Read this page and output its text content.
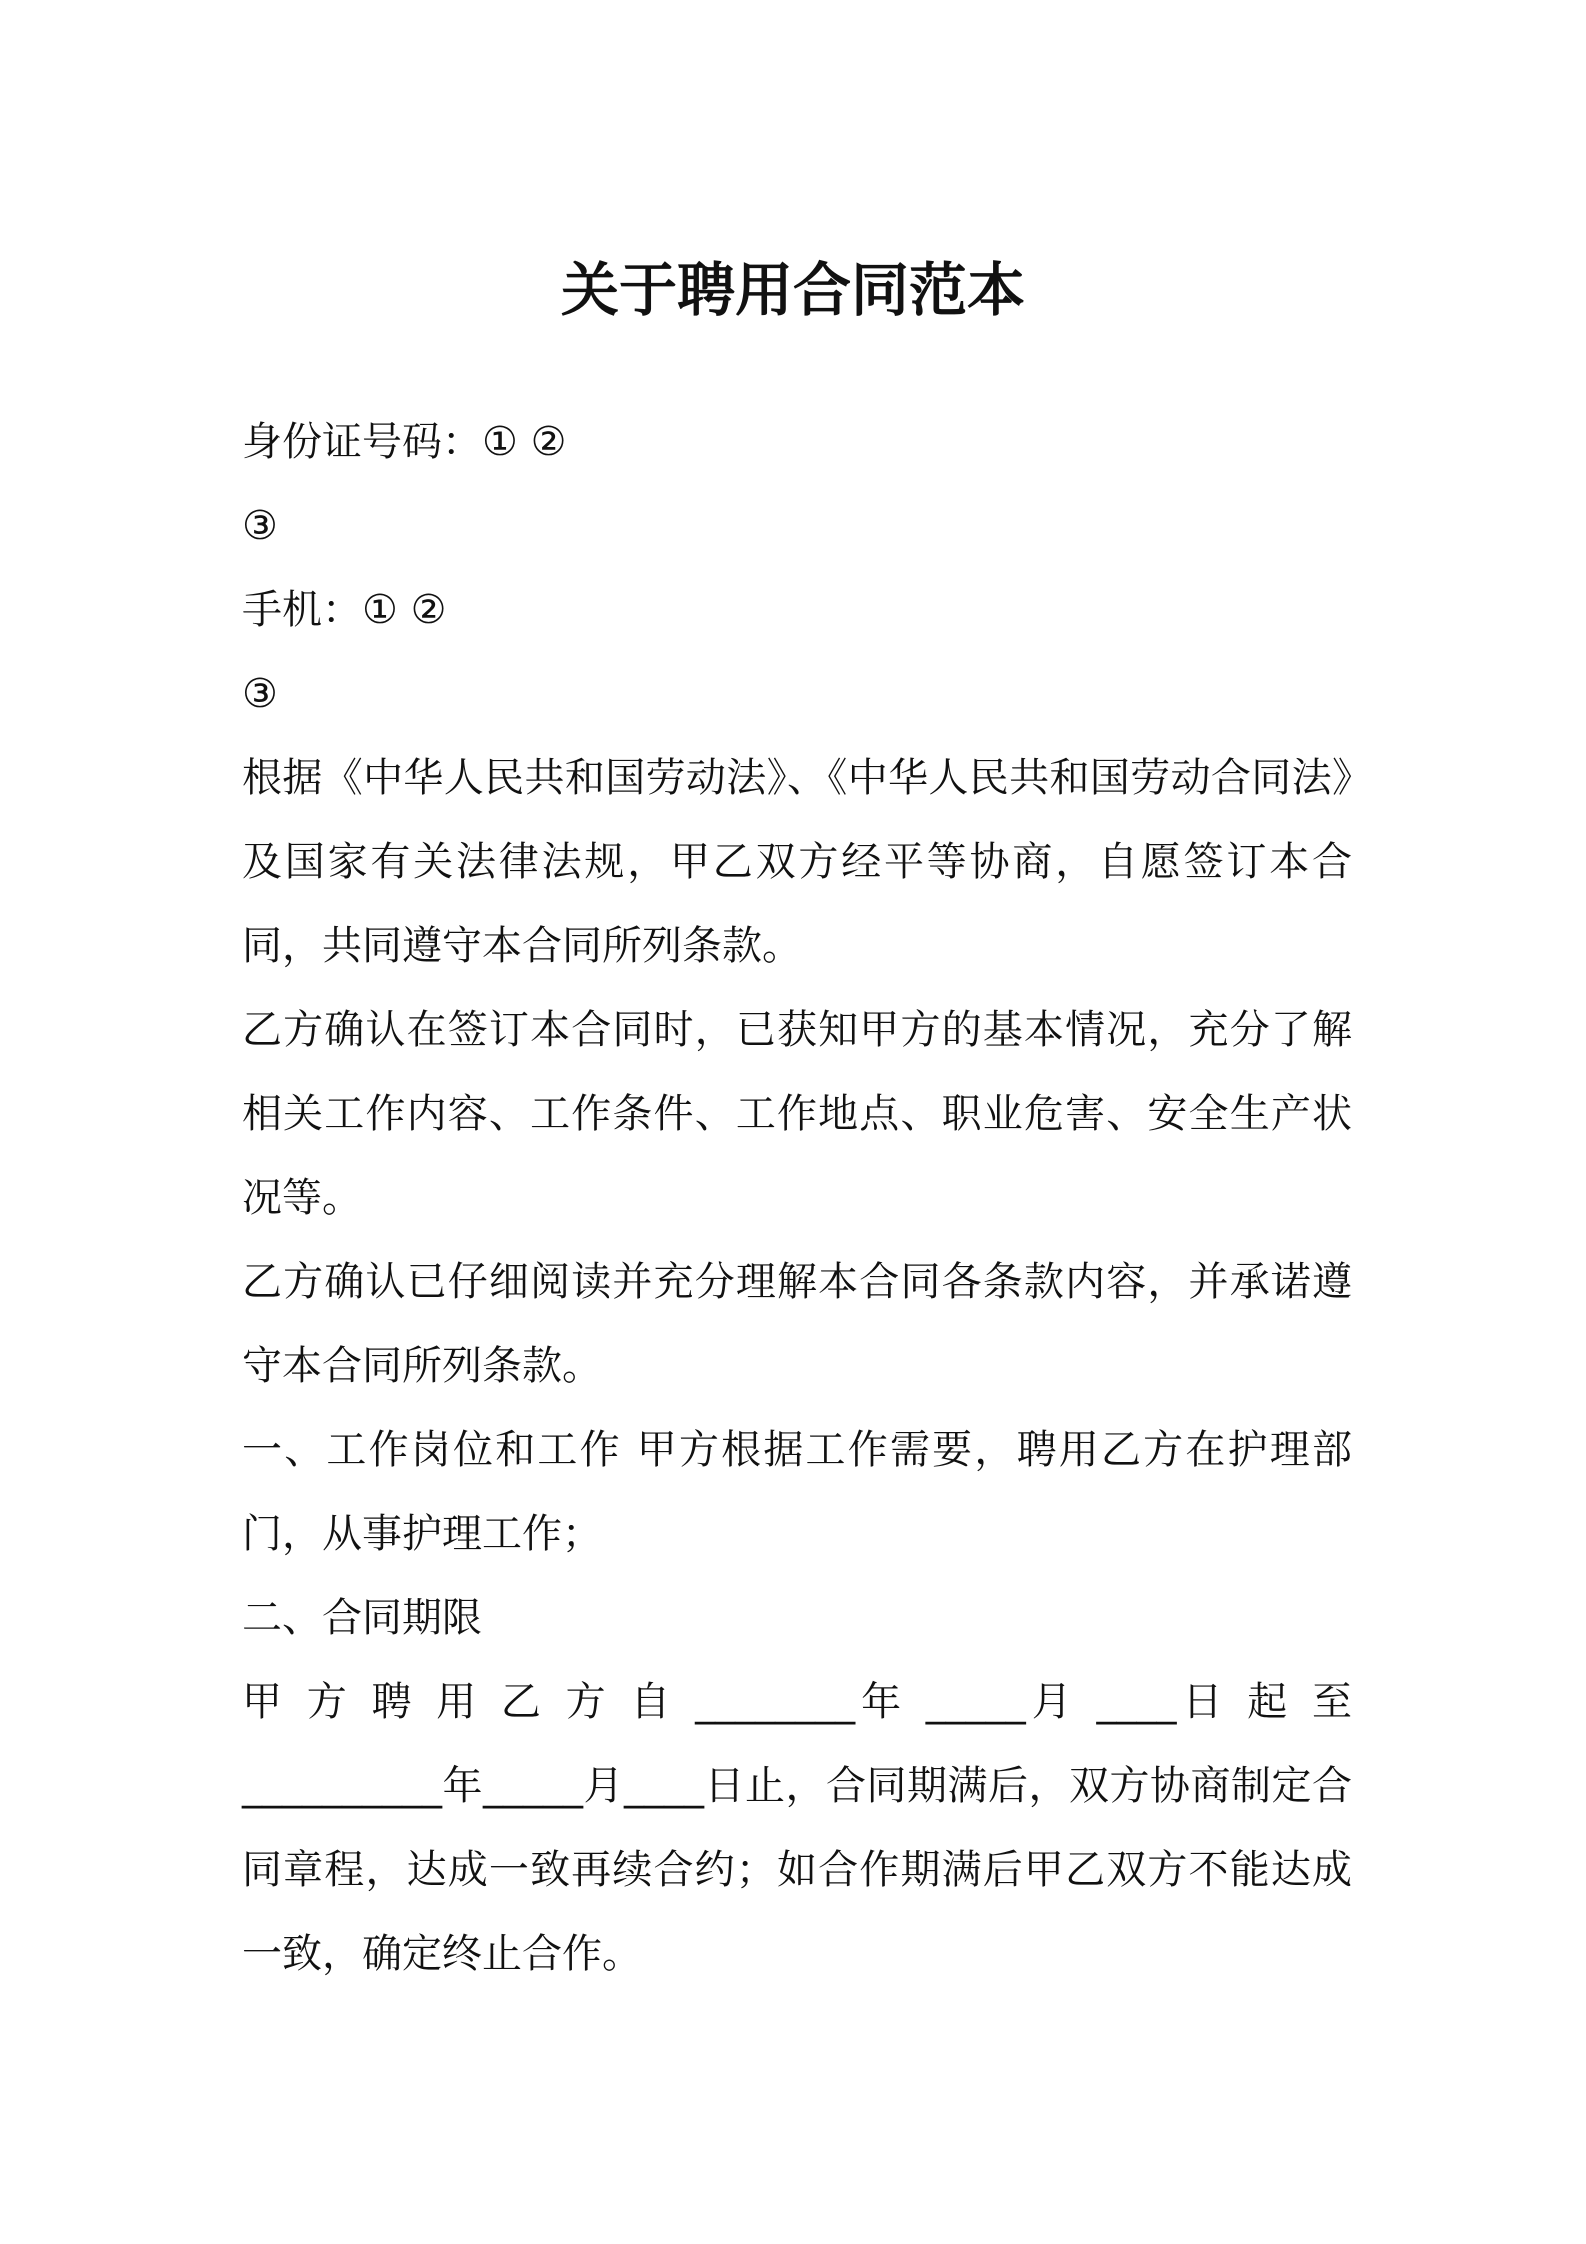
关于聘用合同范本
身份证号码：① ②
③
手机：① ②
③

根据《中华人民共和国劳动法》、《中华人民共和国劳动合同法》及国家有关法律法规，甲乙双方经平等协商，自愿签订本合同，共同遵守本合同所列条款。

乙方确认在签订本合同时，已获知甲方的基本情况，充分了解相关工作内容、工作条件、工作地点、职业危害、安全生产状况等。

乙方确认已仔细阅读并充分理解本合同各条款内容，并承诺遵守本合同所列条款。

一、工作岗位和工作 甲方根据工作需要，聘用乙方在护理部门，从事护理工作；

二、合同期限
甲 方 聘 用 乙 方 自 ________年 _____月 ____日 起 至

__________年_____月____日止，合同期满后，双方协商制定合同章程，达成一致再续合约；如合作期满后甲乙双方不能达成一致，确定终止合作。
